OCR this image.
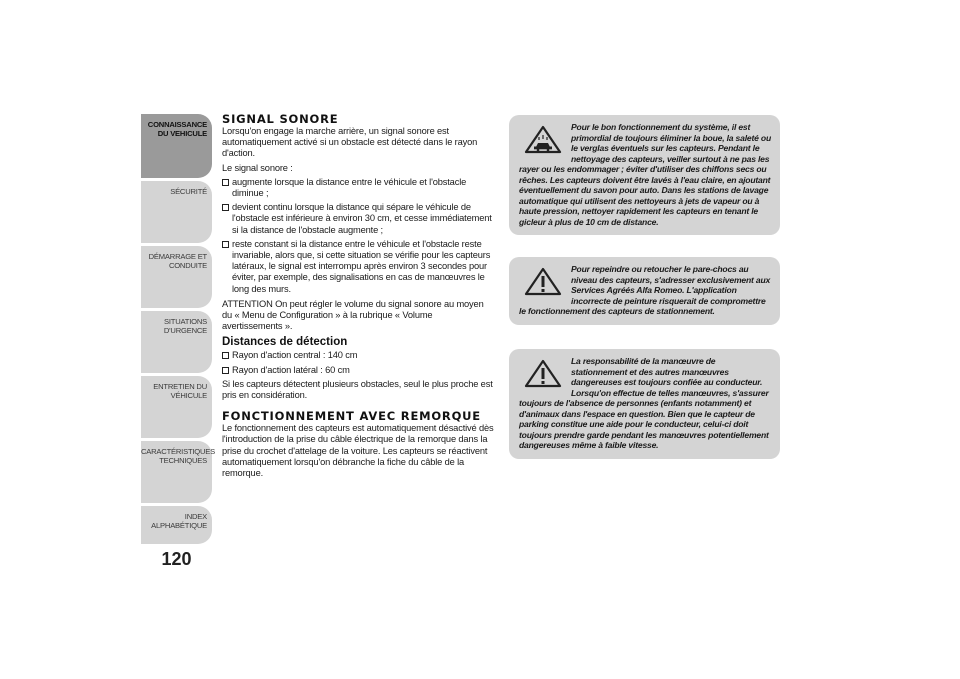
CONNAISSANCE
DU VEHICULE
SÉCURITÉ
DÉMARRAGE ET
CONDUITE
SITUATIONS
D'URGENCE
ENTRETIEN DU
VÉHICULE
CARACTÉRISTIQUES
TECHNIQUES
INDEX
ALPHABÉTIQUE
120
SIGNAL SONORE

Lorsqu'on engage la marche arrière, un signal sonore est automatiquement activé si un obstacle est détecté dans le rayon d'action.

Le signal sonore :

augmente lorsque la distance entre le véhicule et l'obstacle diminue ;
devient continu lorsque la distance qui sépare le véhicule de l'obstacle est inférieure à environ 30 cm, et cesse immédiatement si la distance de l'obstacle augmente ;
reste constant si la distance entre le véhicule et l'obstacle reste invariable, alors que, si cette situation se vérifie pour les capteurs latéraux, le signal est interrompu après environ 3 secondes pour éviter, par exemple, des signalisations en cas de manœuvres le long des murs.

ATTENTION On peut régler le volume du signal sonore au moyen du « Menu de Configuration » à la rubrique « Volume avertissements ».

Distances de détection
Rayon d'action central : 140 cm
Rayon d'action latéral : 60 cm

Si les capteurs détectent plusieurs obstacles, seul le plus proche est pris en considération.

FONCTIONNEMENT AVEC REMORQUE

Le fonctionnement des capteurs est automatiquement désactivé dès l'introduction de la prise du câble électrique de la remorque dans la prise du crochet d'attelage de la voiture. Les capteurs se réactivent automatiquement lorsqu'on débranche la fiche du câble de la remorque.

Pour le bon fonctionnement du système, il est primordial de toujours éliminer la boue, la saleté ou le verglas éventuels sur les capteurs. Pendant le nettoyage des capteurs, veiller surtout à ne pas les rayer ou les endommager ; éviter d'utiliser des chiffons secs ou rêches. Les capteurs doivent être lavés à l'eau claire, en ajoutant éventuellement du savon pour auto. Dans les stations de lavage automatique qui utilisent des nettoyeurs à jets de vapeur ou à haute pression, nettoyer rapidement les capteurs en tenant le gicleur à plus de 10 cm de distance.

Pour repeindre ou retoucher le pare-chocs au niveau des capteurs, s'adresser exclusivement aux Services Agréés Alfa Romeo. L'application incorrecte de peinture risquerait de compromettre le fonctionnement des capteurs de stationnement.

La responsabilité de la manœuvre de stationnement et des autres manœuvres dangereuses est toujours confiée au conducteur. Lorsqu'on effectue de telles manœuvres, s'assurer toujours de l'absence de personnes (enfants notamment) et d'animaux dans l'espace en question. Bien que le capteur de parking constitue une aide pour le conducteur, celui-ci doit toujours prendre garde pendant les manœuvres potentiellement dangereuses même à faible vitesse.
